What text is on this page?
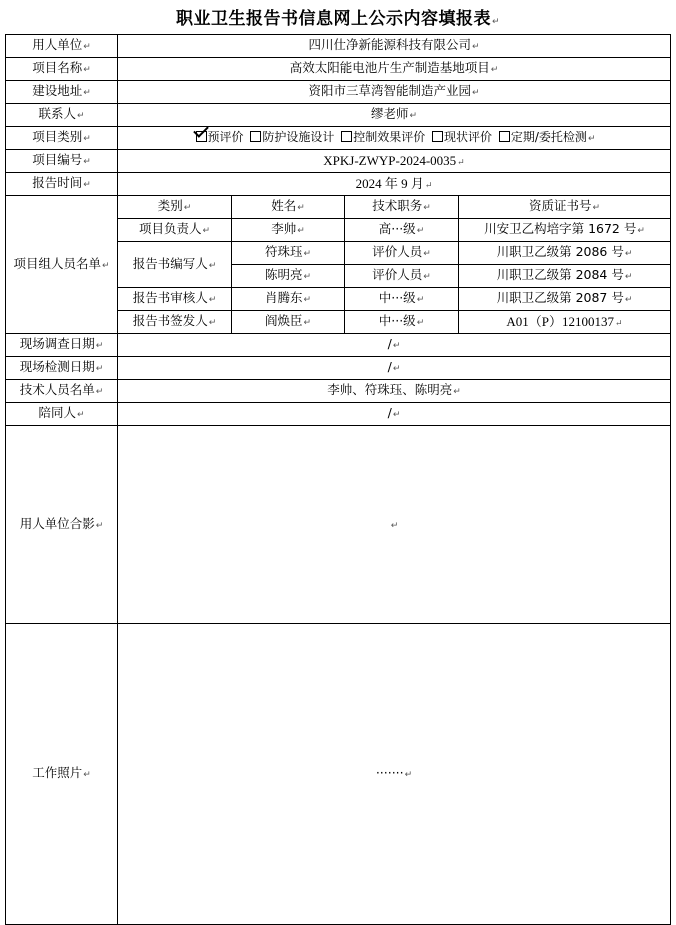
职业卫生报告书信息网上公示内容填报表↵
用人单位↵	四川仕净新能源科技有限公司↵			
项目名称↵	高效太阳能电池片生产制造基地项目↵			
建设地址↵	资阳市三草湾智能制造产业园↵			
联系人↵	缪老师↵			
项目类别↵	预评价 防护设施设计 控制效果评价 现状评价 定期/委托检测↵			
项目编号↵	XPKJ-ZWYP-2024-0035↵			
报告时间↵	2024 年 9 月↵			
项目组人员名单↵	类别↵	姓名↵	技术职务↵	资质证书号↵
	项目负责人↵	李帅↵	高···级↵	川安卫乙构培字第 1672 号↵
	报告书编写人↵	符珠珏↵	评价人员↵	川职卫乙级第 2086 号↵
		陈明亮↵	评价人员↵	川职卫乙级第 2084 号↵
	报告书审核人↵	肖腾东↵	中···级↵	川职卫乙级第 2087 号↵
	报告书签发人↵	阎焕臣↵	中···级↵	A01（P）12100137↵
现场调查日期↵	/↵			
现场检测日期↵	/↵			
技术人员名单↵	李帅、符珠珏、陈明亮↵			
陪同人↵	/↵			
用人单位合影↵	↵			
工作照片↵	·······↵			
